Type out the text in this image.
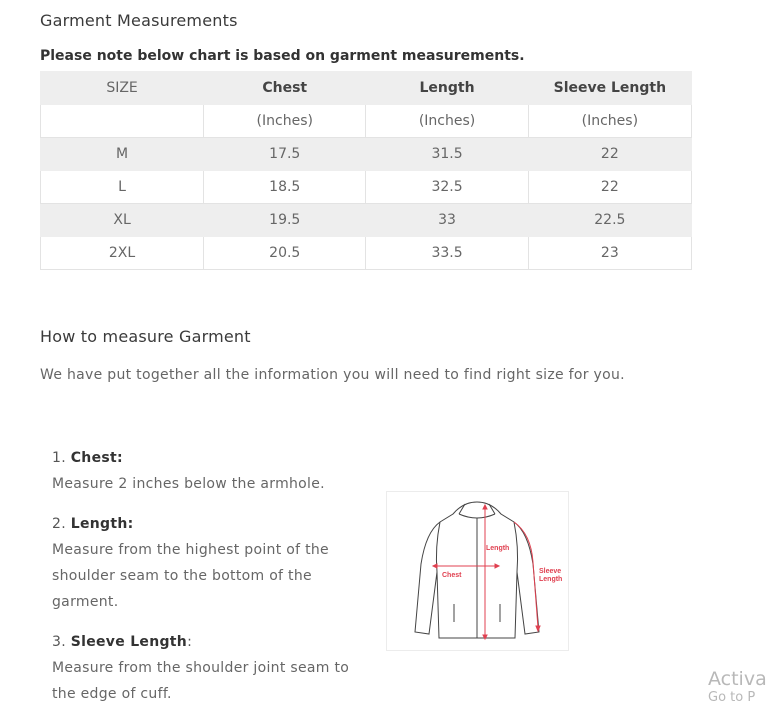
Garment Measurements
Please note below chart is based on garment measurements.
SIZE	Chest	Length	Sleeve Length
	(Inches)	(Inches)	(Inches)
M	17.5	31.5	22
L	18.5	32.5	22
XL	19.5	33	22.5
2XL	20.5	33.5	23
How to measure Garment
We have put together all the information you will need to find right size for you.
1. Chest:
Measure 2 inches below the armhole.
2. Length:
Measure from the highest point of the shoulder seam to the bottom of the garment.
3. Sleeve Length:
Measure from the shoulder joint seam to the edge of cuff.
Chest
Length
Sleeve
Length
Activa
Go to P
